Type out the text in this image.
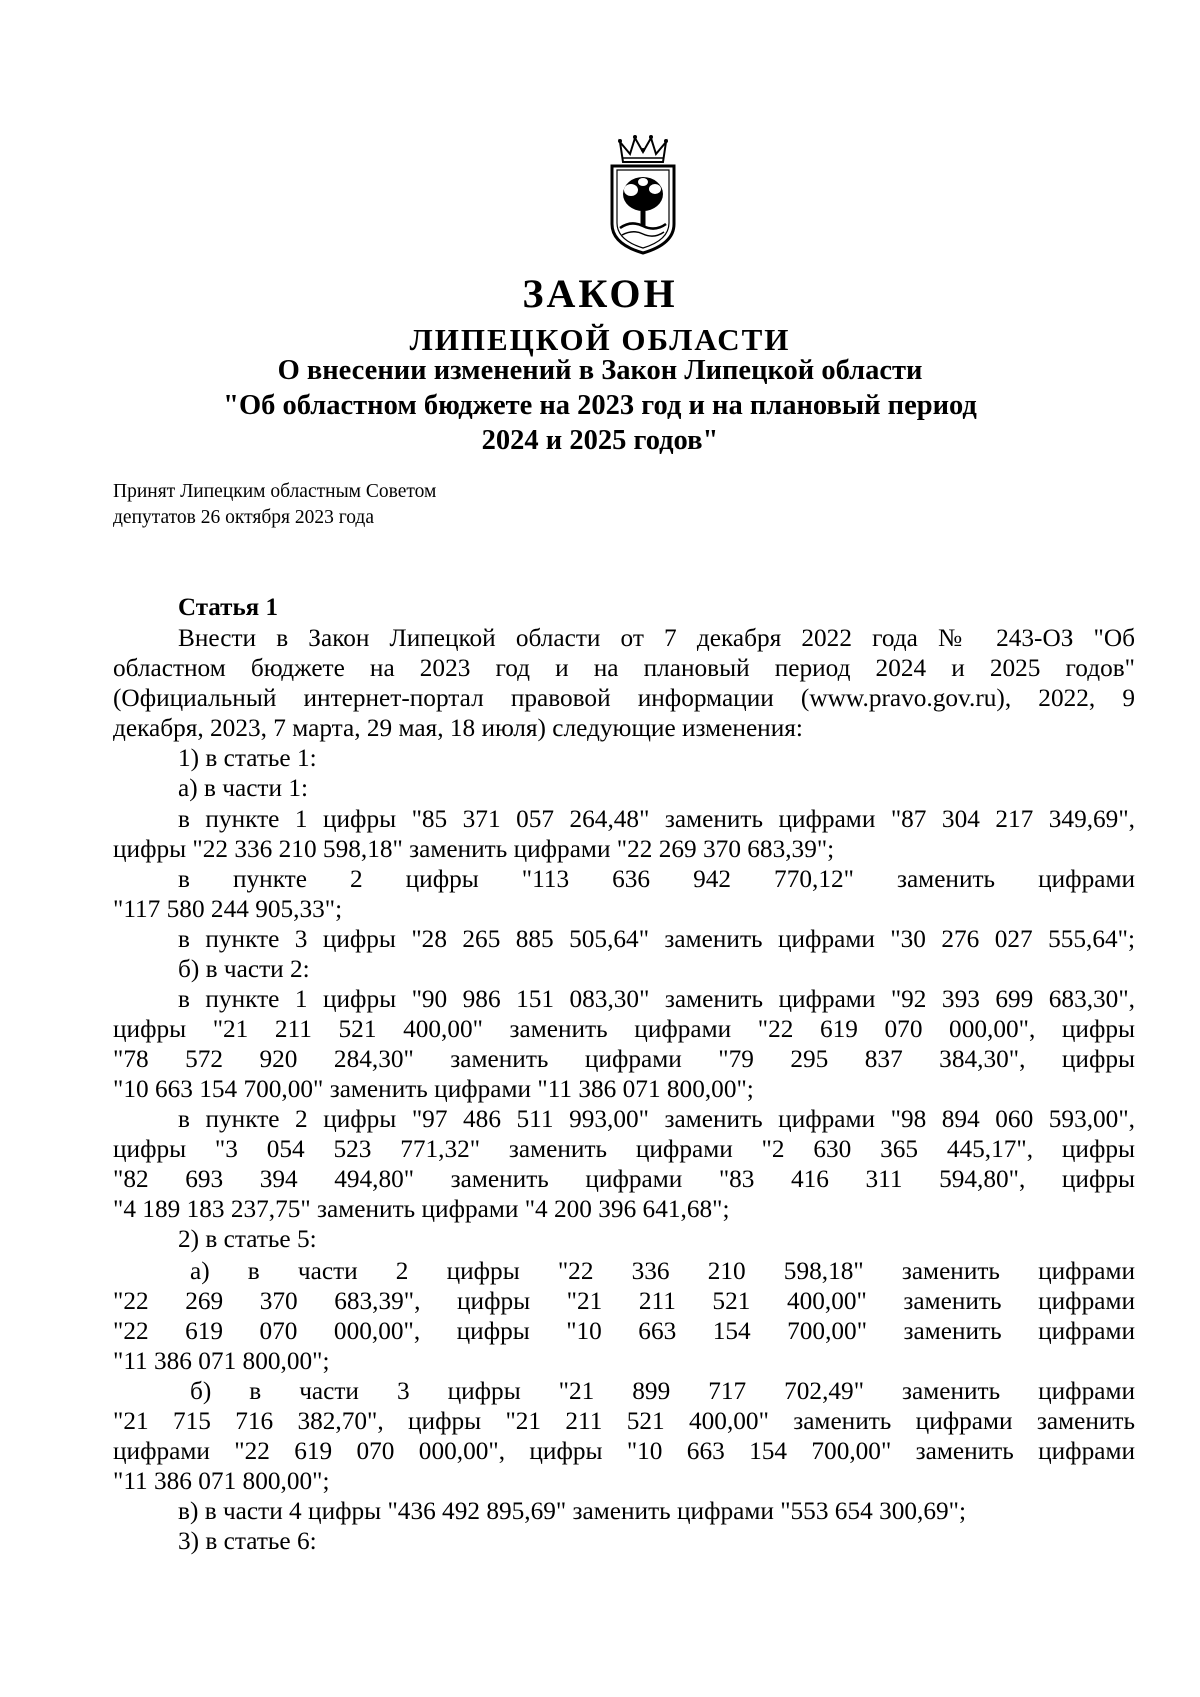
ЗАКОН
ЛИПЕЦКОЙ ОБЛАСТИ
О внесении изменений в Закон Липецкой области
"Об областном бюджете на 2023 год и на плановый период
2024 и 2025 годов"
Принят Липецким областным Советом
депутатов 26 октября 2023 года
Статья 1
Внести в Закон Липецкой области от 7 декабря 2022 года № 243-ОЗ "Об
областном бюджете на 2023 год и на плановый период 2024 и 2025 годов"
(Официальный интернет-портал правовой информации (www.pravo.gov.ru), 2022, 9
декабря, 2023, 7 марта, 29 мая, 18 июля) следующие изменения:
1) в статье 1:
а) в части 1:
в пункте 1 цифры "85 371 057 264,48" заменить цифрами "87 304 217 349,69",
цифры "22 336 210 598,18" заменить цифрами "22 269 370 683,39";
в пункте 2 цифры "113 636 942 770,12" заменить цифрами
"117 580 244 905,33";
в пункте 3 цифры "28 265 885 505,64" заменить цифрами "30 276 027 555,64";
б) в части 2:
в пункте 1 цифры "90 986 151 083,30" заменить цифрами "92 393 699 683,30",
цифры "21 211 521 400,00" заменить цифрами "22 619 070 000,00", цифры
"78 572 920 284,30" заменить цифрами "79 295 837 384,30", цифры
"10 663 154 700,00" заменить цифрами "11 386 071 800,00";
в пункте 2 цифры "97 486 511 993,00" заменить цифрами "98 894 060 593,00",
цифры "3 054 523 771,32" заменить цифрами "2 630 365 445,17", цифры
"82 693 394 494,80" заменить цифрами "83 416 311 594,80", цифры
"4 189 183 237,75" заменить цифрами "4 200 396 641,68";
2) в статье 5:
а) в части 2 цифры "22 336 210 598,18" заменить цифрами
"22 269 370 683,39", цифры "21 211 521 400,00" заменить цифрами
"22 619 070 000,00", цифры "10 663 154 700,00" заменить цифрами
"11 386 071 800,00";
б) в части 3 цифры "21 899 717 702,49" заменить цифрами
"21 715 716 382,70", цифры "21 211 521 400,00" заменить цифрами заменить
цифрами "22 619 070 000,00", цифры "10 663 154 700,00" заменить цифрами
"11 386 071 800,00";
в) в части 4 цифры "436 492 895,69" заменить цифрами "553 654 300,69";
3) в статье 6:
